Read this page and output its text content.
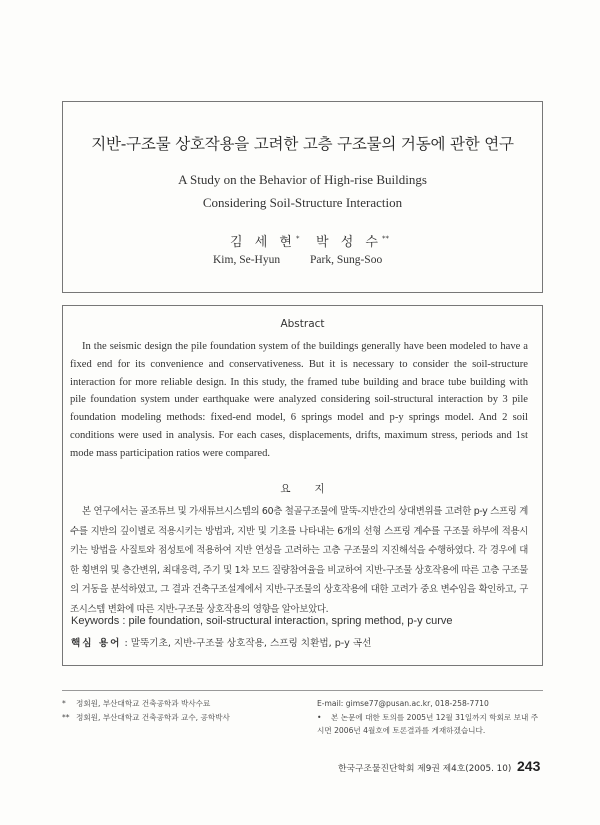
지반-구조물 상호작용을 고려한 고층 구조물의 거동에 관한 연구
A Study on the Behavior of High-rise Buildings
Considering Soil-Structure Interaction
김 세 현* 박 성 수**
Kim, Se-Hyun	Park, Sung-Soo
Abstract

In the seismic design the pile foundation system of the buildings generally have been modeled to have a fixed end for its convenience and conservativeness. But it is necessary to consider the soil-structure interaction for more reliable design. In this study, the framed tube building and brace tube building with pile foundation system under earthquake were analyzed considering soil-structural interaction by 3 pile foundation modeling methods: fixed-end model, 6 springs model and p-y springs model. And 2 soil conditions were used in analysis. For each cases, displacements, drifts, maximum stress, periods and 1st mode mass participation ratios were compared.

요지

본 연구에서는 골조튜브 및 가새튜브시스템의 60층 철골구조물에 말뚝-지반간의 상대변위를 고려한 p-y 스프링 계수를 지반의 깊이별로 적용시키는 방법과, 지반 및 기초를 나타내는 6개의 선형 스프링 계수를 구조물 하부에 적용시키는 방법을 사질토와 점성토에 적용하여 지반 연성을 고려하는 고층 구조물의 지진해석을 수행하였다. 각 경우에 대한 횡변위 및 층간변위, 최대응력, 주기 및 1차 모드 질량참여율을 비교하여 지반-구조물 상호작용에 따른 고층 구조물의 거동을 분석하였고, 그 결과 건축구조설계에서 지반-구조물의 상호작용에 대한 고려가 중요 변수임을 확인하고, 구조시스템 변화에 따른 지반-구조물 상호작용의 영향을 알아보았다.

Keywords : pile foundation, soil-structural interaction, spring method, p-y curve
핵심 용어 : 말뚝기초, 지반-구조물 상호작용, 스프링 치환법, p-y 곡선
* 정회원, 부산대학교 건축공학과 박사수료
** 정회원, 부산대학교 건축공학과 교수, 공학박사
E-mail: gimse77@pusan.ac.kr, 018-258-7710
• 본 논문에 대한 토의를 2005년 12월 31일까지 학회로 보내 주시면 2006년 4월호에 토론결과를 게재하겠습니다.
한국구조물진단학회 제9권 제4호(2005. 10) 243
